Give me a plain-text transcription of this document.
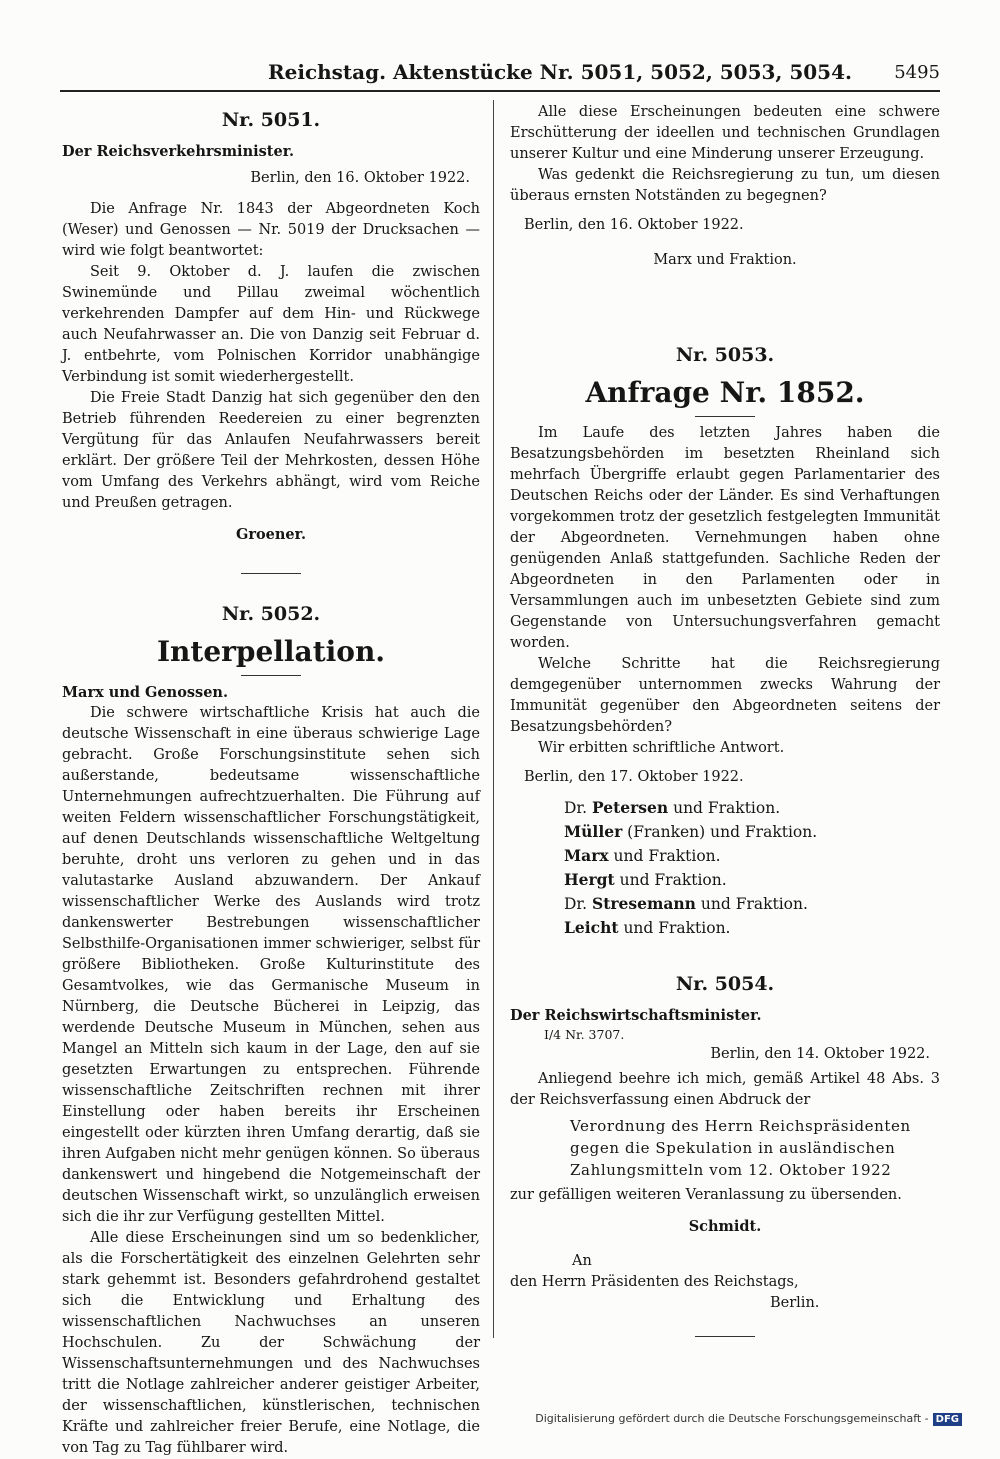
Reichstag. Aktenstücke Nr. 5051, 5052, 5053, 5054.	5495
Nr. 5051.

Der Reichsverkehrsminister.

Berlin, den 16. Oktober 1922.

Die Anfrage Nr. 1843 der Abgeordneten Koch (Weser) und Genossen — Nr. 5019 der Drucksachen — wird wie folgt beantwortet:

Seit 9. Oktober d. J. laufen die zwischen Swinemünde und Pillau zweimal wöchentlich verkehrenden Dampfer auf dem Hin- und Rückwege auch Neufahrwasser an. Die von Danzig seit Februar d. J. entbehrte, vom Polnischen Korridor unabhängige Verbindung ist somit wiederhergestellt.

Die Freie Stadt Danzig hat sich gegenüber den den Betrieb führenden Reedereien zu einer begrenzten Vergütung für das Anlaufen Neufahrwassers bereit erklärt. Der größere Teil der Mehrkosten, dessen Höhe vom Umfang des Verkehrs abhängt, wird vom Reiche und Preußen getragen.

Groener.
Nr. 5052.
Interpellation.

Marx und Genossen.

Die schwere wirtschaftliche Krisis hat auch die deutsche Wissenschaft in eine überaus schwierige Lage gebracht. Große Forschungsinstitute sehen sich außerstande, bedeutsame wissenschaftliche Unternehmungen aufrechtzuerhalten. Die Führung auf weiten Feldern wissenschaftlicher Forschungstätigkeit, auf denen Deutschlands wissenschaftliche Weltgeltung beruhte, droht uns verloren zu gehen und in das valutastarke Ausland abzuwandern. Der Ankauf wissenschaftlicher Werke des Auslands wird trotz dankenswerter Bestrebungen wissenschaftlicher Selbsthilfe-Organisationen immer schwieriger, selbst für größere Bibliotheken. Große Kulturinstitute des Gesamtvolkes, wie das Germanische Museum in Nürnberg, die Deutsche Bücherei in Leipzig, das werdende Deutsche Museum in München, sehen aus Mangel an Mitteln sich kaum in der Lage, den auf sie gesetzten Erwartungen zu entsprechen. Führende wissenschaftliche Zeitschriften rechnen mit ihrer Einstellung oder haben bereits ihr Erscheinen eingestellt oder kürzten ihren Umfang derartig, daß sie ihren Aufgaben nicht mehr genügen können. So überaus dankenswert und hingebend die Notgemeinschaft der deutschen Wissenschaft wirkt, so unzulänglich erweisen sich die ihr zur Verfügung gestellten Mittel.

Alle diese Erscheinungen sind um so bedenklicher, als die Forschertätigkeit des einzelnen Gelehrten sehr stark gehemmt ist. Besonders gefahrdrohend gestaltet sich die Entwicklung und Erhaltung des wissenschaftlichen Nachwuchses an unseren Hochschulen. Zu der Schwächung der Wissenschaftsunternehmungen und des Nachwuchses tritt die Notlage zahlreicher anderer geistiger Arbeiter, der wissenschaftlichen, künstlerischen, technischen Kräfte und zahlreicher freier Berufe, eine Notlage, die von Tag zu Tag fühlbarer wird.

Alle diese Erscheinungen bedeuten eine schwere Erschütterung der ideellen und technischen Grundlagen unserer Kultur und eine Minderung unserer Erzeugung.

Was gedenkt die Reichsregierung zu tun, um diesen überaus ernsten Notständen zu begegnen?

Berlin, den 16. Oktober 1922.

Marx und Fraktion.
Nr. 5053.
Anfrage Nr. 1852.

Im Laufe des letzten Jahres haben die Besatzungsbehörden im besetzten Rheinland sich mehrfach Übergriffe erlaubt gegen Parlamentarier des Deutschen Reichs oder der Länder. Es sind Verhaftungen vorgekommen trotz der gesetzlich festgelegten Immunität der Abgeordneten. Vernehmungen haben ohne genügenden Anlaß stattgefunden. Sachliche Reden der Abgeordneten in den Parlamenten oder in Versammlungen auch im unbesetzten Gebiete sind zum Gegenstande von Untersuchungsverfahren gemacht worden.

Welche Schritte hat die Reichsregierung demgegenüber unternommen zwecks Wahrung der Immunität gegenüber den Abgeordneten seitens der Besatzungsbehörden?

Wir erbitten schriftliche Antwort.

Berlin, den 17. Oktober 1922.

Dr. Petersen und Fraktion.
Müller (Franken) und Fraktion.
Marx und Fraktion.
Hergt und Fraktion.
Dr. Stresemann und Fraktion.
Leicht und Fraktion.
Nr. 5054.

Der Reichswirtschaftsminister.

I/4 Nr. 3707.

Berlin, den 14. Oktober 1922.

Anliegend beehre ich mich, gemäß Artikel 48 Abs. 3 der Reichsverfassung einen Abdruck der

Verordnung des Herrn Reichspräsidenten
gegen die Spekulation in ausländischen
Zahlungsmitteln vom 12. Oktober 1922

zur gefälligen weiteren Veranlassung zu übersenden.

Schmidt.
An
den Herrn Präsidenten des Reichstags,
Berlin.
Digitalisierung gefördert durch die Deutsche Forschungsgemeinschaft - DFG
